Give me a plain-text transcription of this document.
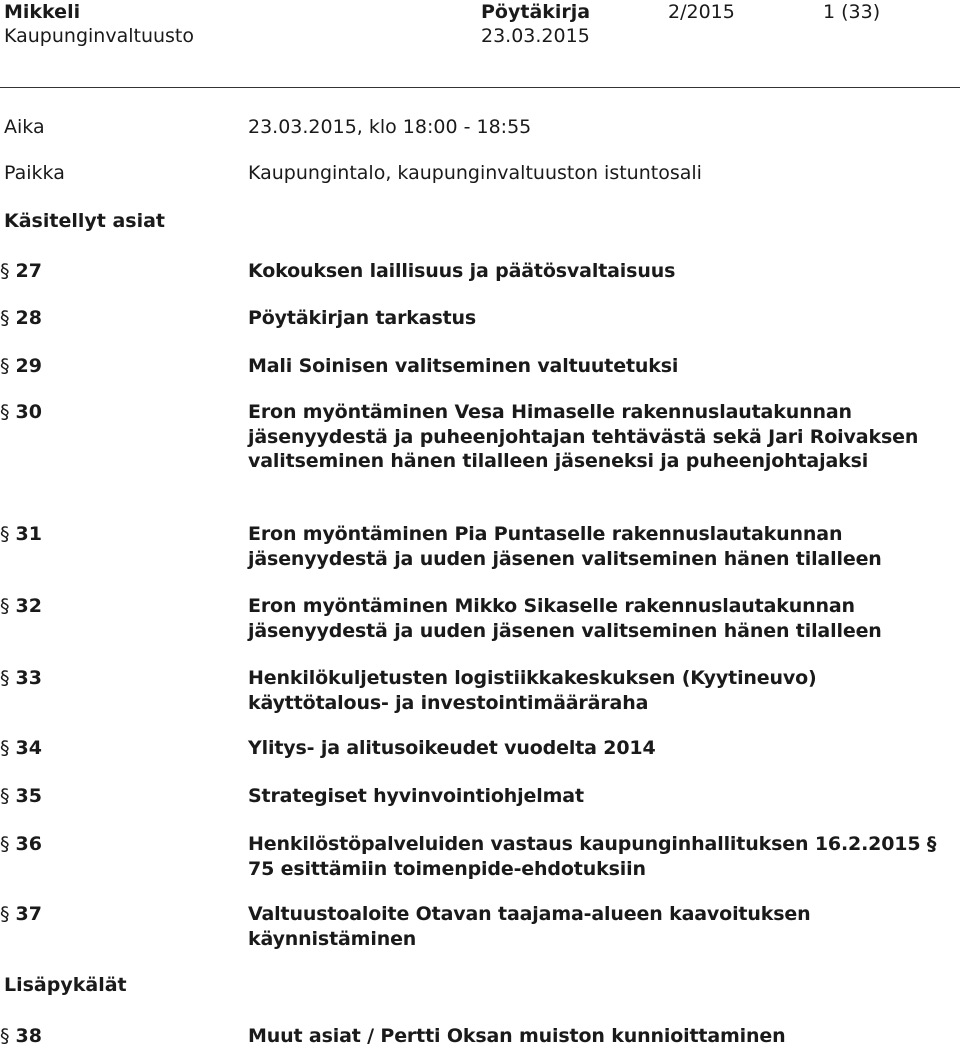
Mikkeli
Kaupunginvaltuusto
Pöytäkirja
23.03.2015
2/2015	1 (33)
Aika	23.03.2015, klo 18:00 - 18:55
Paikka	Kaupungintalo, kaupunginvaltuuston istuntosali
Käsitellyt asiat
§ 27	Kokouksen laillisuus ja päätösvaltaisuus
§ 28	Pöytäkirjan tarkastus
§ 29	Mali Soinisen valitseminen valtuutetuksi
§ 30	Eron myöntäminen Vesa Himaselle rakennuslautakunnan jäsenyydestä ja puheenjohtajan tehtävästä sekä Jari Roivaksen valitseminen hänen tilalleen jäseneksi ja puheenjohtajaksi
§ 31	Eron myöntäminen Pia Puntaselle rakennuslautakunnan jäsenyydestä ja uuden jäsenen valitseminen hänen tilalleen
§ 32	Eron myöntäminen Mikko Sikaselle rakennuslautakunnan jäsenyydestä ja uuden jäsenen valitseminen hänen tilalleen
§ 33	Henkilökuljetusten logistiikkakeskuksen (Kyytineuvo) käyttötalous- ja investointimääräraha
§ 34	Ylitys- ja alitusoikeudet vuodelta 2014
§ 35	Strategiset hyvinvointiohjelmat
§ 36	Henkilöstöpalveluiden vastaus kaupunginhallituksen 16.2.2015 § 75 esittämiin toimenpide-ehdotuksiin
§ 37	Valtuustoaloite Otavan taajama-alueen kaavoituksen käynnistäminen
§ 38	Muut asiat / Pertti Oksan muiston kunnioittaminen
Lisäpykälät
